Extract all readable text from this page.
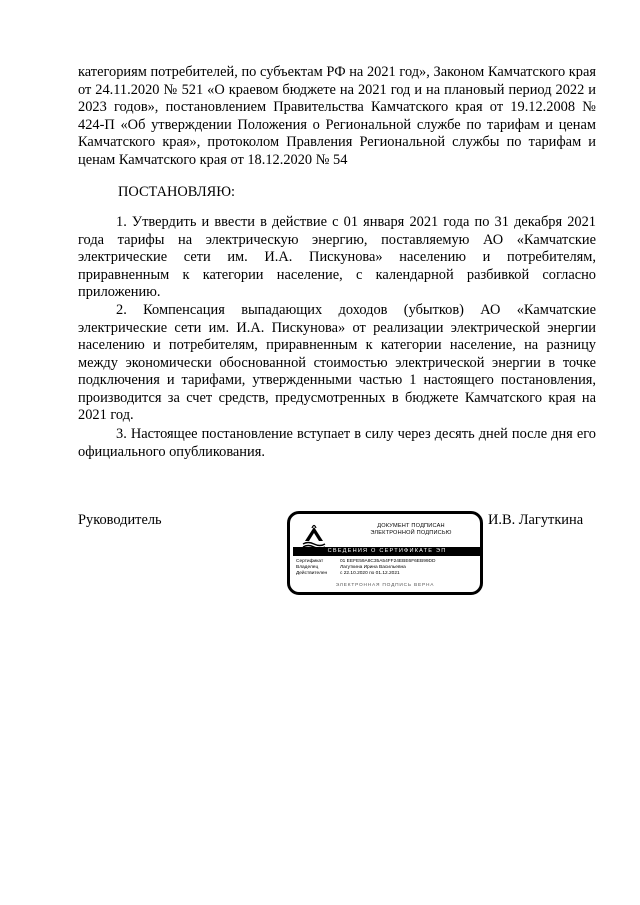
категориям потребителей, по субъектам РФ на 2021 год», Законом Камчатского края от 24.11.2020 № 521 «О краевом бюджете на 2021 год и на плановый период 2022 и 2023 годов», постановлением Правительства Камчатского края от 19.12.2008 № 424-П «Об утверждении Положения о Региональной службе по тарифам и ценам Камчатского края», протоколом Правления Региональной службы по тарифам и ценам Камчатского края от 18.12.2020 № 54

ПОСТАНОВЛЯЮ:

1. Утвердить и ввести в действие с 01 января 2021 года по 31 декабря 2021 года тарифы на электрическую энергию, поставляемую АО «Камчатские электрические сети им. И.А. Пискунова» населению и потребителям, приравненным к категории население, с календарной разбивкой согласно приложению.

2. Компенсация выпадающих доходов (убытков) АО «Камчатские электрические сети им. И.А. Пискунова» от реализации электрической энергии населению и потребителям, приравненным к категории население, на разницу между экономически обоснованной стоимостью электрической энергии в точке подключения и тарифами, утвержденными частью 1 настоящего постановления, производится за счет средств, предусмотренных в бюджете Камчатского края на 2021 год.

3. Настоящее постановление вступает в силу через десять дней после дня его официального опубликования.

Руководитель	ДОКУМЕНТ ПОДПИСАН
ЭЛЕКТРОННОЙ ПОДПИСЬЮ
СВЕДЕНИЯ О СЕРТИФИКАТЕ ЭП
Сертификат	01 EEFE59A8C35A54FF24EBE6F6EB99DD
Владелец	Лагуткина Ирина Васильевна
Действителен	с 22.10.2020 по 01.12.2021
ЭЛЕКТРОННАЯ ПОДПИСЬ ВЕРНА
И.В. Лагуткина
